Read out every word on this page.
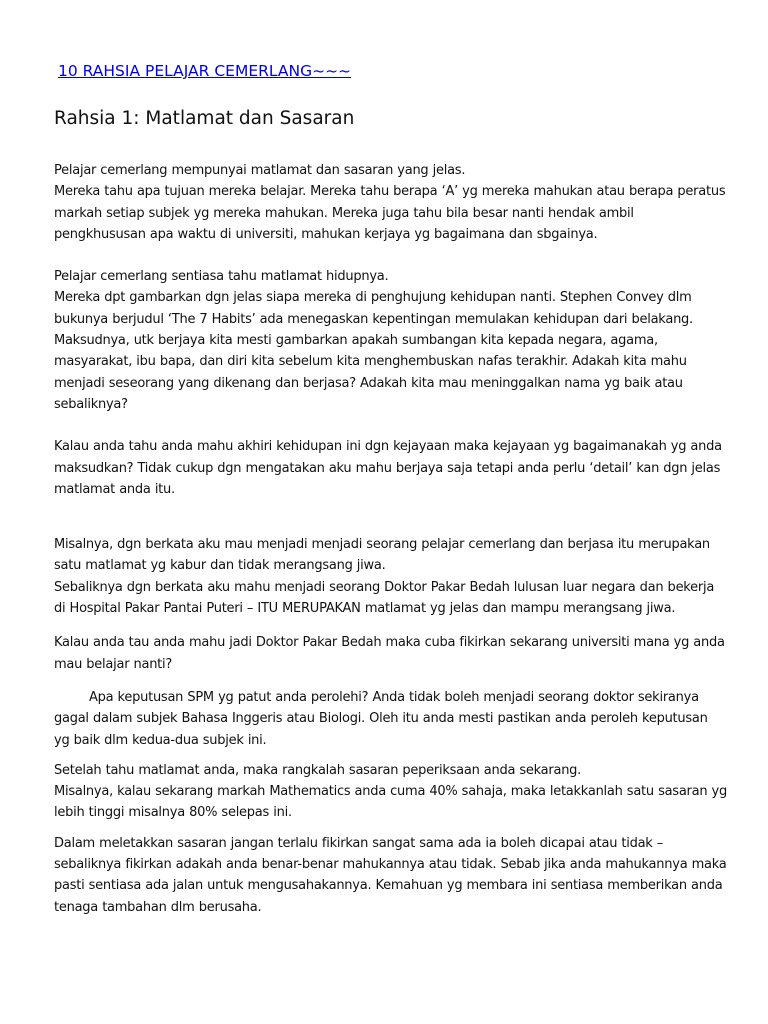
10 RAHSIA PELAJAR CEMERLANG~~~
Rahsia 1: Matlamat dan Sasaran

Pelajar cemerlang mempunyai matlamat dan sasaran yang jelas.
Mereka tahu apa tujuan mereka belajar. Mereka tahu berapa ‘A’ yg mereka mahukan atau berapa peratus
markah setiap subjek yg mereka mahukan. Mereka juga tahu bila besar nanti hendak ambil
pengkhususan apa waktu di universiti, mahukan kerjaya yg bagaimana dan sbgainya.

Pelajar cemerlang sentiasa tahu matlamat hidupnya.
Mereka dpt gambarkan dgn jelas siapa mereka di penghujung kehidupan nanti. Stephen Convey dlm
bukunya berjudul ‘The 7 Habits’ ada menegaskan kepentingan memulakan kehidupan dari belakang.
Maksudnya, utk berjaya kita mesti gambarkan apakah sumbangan kita kepada negara, agama,
masyarakat, ibu bapa, dan diri kita sebelum kita menghembuskan nafas terakhir. Adakah kita mahu
menjadi seseorang yang dikenang dan berjasa? Adakah kita mau meninggalkan nama yg baik atau
sebaliknya?

Kalau anda tahu anda mahu akhiri kehidupan ini dgn kejayaan maka kejayaan yg bagaimanakah yg anda
maksudkan? Tidak cukup dgn mengatakan aku mahu berjaya saja tetapi anda perlu ‘detail’ kan dgn jelas
matlamat anda itu.

Misalnya, dgn berkata aku mau menjadi menjadi seorang pelajar cemerlang dan berjasa itu merupakan
satu matlamat yg kabur dan tidak merangsang jiwa.
Sebaliknya dgn berkata aku mahu menjadi seorang Doktor Pakar Bedah lulusan luar negara dan bekerja
di Hospital Pakar Pantai Puteri – ITU MERUPAKAN matlamat yg jelas dan mampu merangsang jiwa.

Kalau anda tau anda mahu jadi Doktor Pakar Bedah maka cuba fikirkan sekarang universiti mana yg anda
mau belajar nanti?

Apa keputusan SPM yg patut anda perolehi? Anda tidak boleh menjadi seorang doktor sekiranya
gagal dalam subjek Bahasa Inggeris atau Biologi. Oleh itu anda mesti pastikan anda peroleh keputusan
yg baik dlm kedua-dua subjek ini.

Setelah tahu matlamat anda, maka rangkalah sasaran peperiksaan anda sekarang.
Misalnya, kalau sekarang markah Mathematics anda cuma 40% sahaja, maka letakkanlah satu sasaran yg
lebih tinggi misalnya 80% selepas ini.

Dalam meletakkan sasaran jangan terlalu fikirkan sangat sama ada ia boleh dicapai atau tidak –
sebaliknya fikirkan adakah anda benar-benar mahukannya atau tidak. Sebab jika anda mahukannya maka
pasti sentiasa ada jalan untuk mengusahakannya. Kemahuan yg membara ini sentiasa memberikan anda
tenaga tambahan dlm berusaha.
